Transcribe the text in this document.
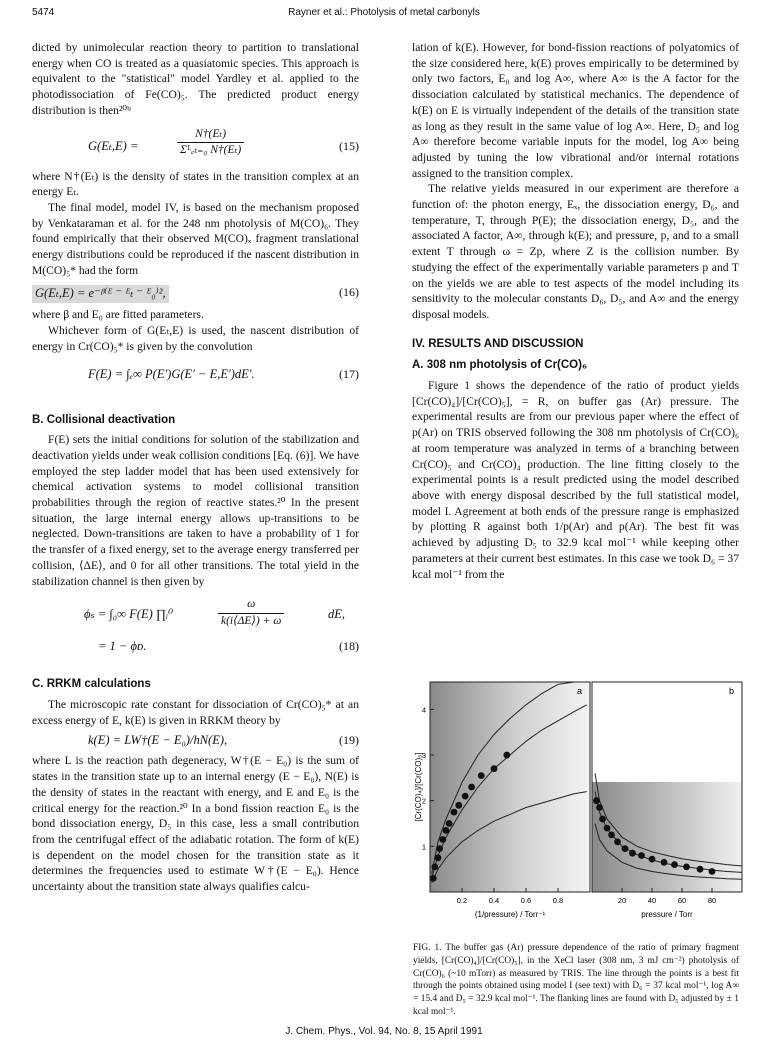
5474	Rayner et al.: Photolysis of metal carbonyls

dicted by unimolecular reaction theory to partition to translational energy when CO is treated as a quasiatomic species. This approach is equivalent to the "statistical" model Yardley et al. applied to the photodissociation of Fe(CO)₅. The predicted product energy distribution is then²⁰ᵇ

G(Eₜ,E) =
N†(Eₜ)
Σᴸₑₜ₌₀ N†(Eₜ)	(15)

where N†(Eₜ) is the density of states in the transition complex at an energy Eₜ.

The final model, model IV, is based on the mechanism proposed by Venkataraman et al. for the 248 nm photolysis of M(CO)₆. They found empirically that their observed M(CO)ₓ fragment translational energy distributions could be reproduced if the nascent distribution in M(CO)₅* had the form

G(Eₜ,E) = e⁻ᵝ⁽ᴱ ⁻ ᴱₜ ⁻ ᴱ₀⁾²,	(16)

where β and E₀ are fitted parameters.

Whichever form of G(Eₜ,E) is used, the nascent distribution of energy in Cr(CO)₅* is given by the convolution

F(E) = ∫ₑ∞ P(E′)G(E′ − E,E′)dE′.	(17)

B. Collisional deactivation

F(E) sets the initial conditions for solution of the stabilization and deactivation yields under weak collision conditions [Eq. (6)]. We have employed the step ladder model that has been used extensively for chemical activation systems to model collisional transition probabilities through the region of reactive states.²⁰ In the present situation, the large internal energy allows up-transitions to be neglected. Down-transitions are taken to have a probability of 1 for the transfer of a fixed energy, set to the average energy transferred per collision, ⟨ΔE⟩, and 0 for all other transitions. The total yield in the stabilization channel is then given by

ϕₛ = ∫₀∞ F(E) ∏ᵢ⁰	$\frac{\omega}{k(i⟨\Delta E⟩) + \omega}$	dE,
= 1 − ϕᴅ.	(18)

C. RRKM calculations

The microscopic rate constant for dissociation of Cr(CO)₅* at an excess energy of E, k(E) is given in RRKM theory by

k(E) = LW†(E − E₀)/hN(E),	(19)

where L is the reaction path degeneracy, W†(E − E₀) is the sum of states in the transition state up to an internal energy (E − E₀), N(E) is the density of states in the reactant with energy, and E and E₀ is the critical energy for the reaction.²⁰ In a bond fission reaction E₀ is the bond dissociation energy, D₅ in this case, less a small contribution from the centrifugal effect of the adiabatic rotation. The form of k(E) is dependent on the model chosen for the transition state as it determines the frequencies used to estimate W†(E − E₀). Hence uncertainty about the transition state always qualifies calcu-

lation of k(E). However, for bond-fission reactions of polyatomics of the size considered here, k(E) proves empirically to be determined by only two factors, E₀ and log A∞, where A∞ is the A factor for the dissociation calculated by statistical mechanics. The dependence of k(E) on E is virtually independent of the details of the transition state as long as they result in the same value of log A∞. Here, D₅ and log A∞ therefore become variable inputs for the model, log A∞ being adjusted by tuning the low vibrational and/or internal rotations assigned to the transition complex.

The relative yields measured in our experiment are therefore a function of: the photon energy, Eₓ, the dissociation energy, D₆, and temperature, T, through P(E); the dissociation energy, D₅, and the associated A factor, A∞, through k(E); and pressure, p, and to a small extent T through ω = Zp, where Z is the collision number. By studying the effect of the experimentally variable parameters p and T on the yields we are able to test aspects of the model including its sensitivity to the molecular constants D₆, D₅, and A∞ and the energy disposal models.

IV. RESULTS AND DISCUSSION

A. 308 nm photolysis of Cr(CO)₆

Figure 1 shows the dependence of the ratio of product yields [Cr(CO)₄]/[Cr(CO)₅], = R, on buffer gas (Ar) pressure. The experimental results are from our previous paper where the effect of p(Ar) on TRIS observed following the 308 nm photolysis of Cr(CO)₆ at room temperature was analyzed in terms of a branching between Cr(CO)₅ and Cr(CO)₄ production. The line fitting closely to the experimental points is a result predicted using the model described above with energy disposal described by the full statistical model, model I. Agreement at both ends of the pressure range is emphasized by plotting R against both 1/p(Ar) and p(Ar). The best fit was achieved by adjusting D₅ to 32.9 kcal mol⁻¹ while keeping other parameters at their current best estimates. In this case we took D₆ = 37 kcal mol⁻¹ from the

0.2	0.4	0.6	0.8
1
2
3
4
20	40	60	80
a	b
[Cr(CO)₄]/[Cr(CO)₅]
(1/pressure) / Torr⁻¹	pressure / Torr
FIG. 1. The buffer gas (Ar) pressure dependence of the ratio of primary fragment yields, [Cr(CO)₄]/[Cr(CO)₅], in the XeCl laser (308 nm, 3 mJ cm⁻²) photolysis of Cr(CO)₆ (~10 mTorr) as measured by TRIS. The line through the points is a best fit through the points obtained using model I (see text) with D₆ = 37 kcal mol⁻¹, log A∞ = 15.4 and D₅ = 32.9 kcal mol⁻¹. The flanking lines are found with D₅ adjusted by ± 1 kcal mol⁻¹.
J. Chem. Phys., Vol. 94, No. 8, 15 April 1991
